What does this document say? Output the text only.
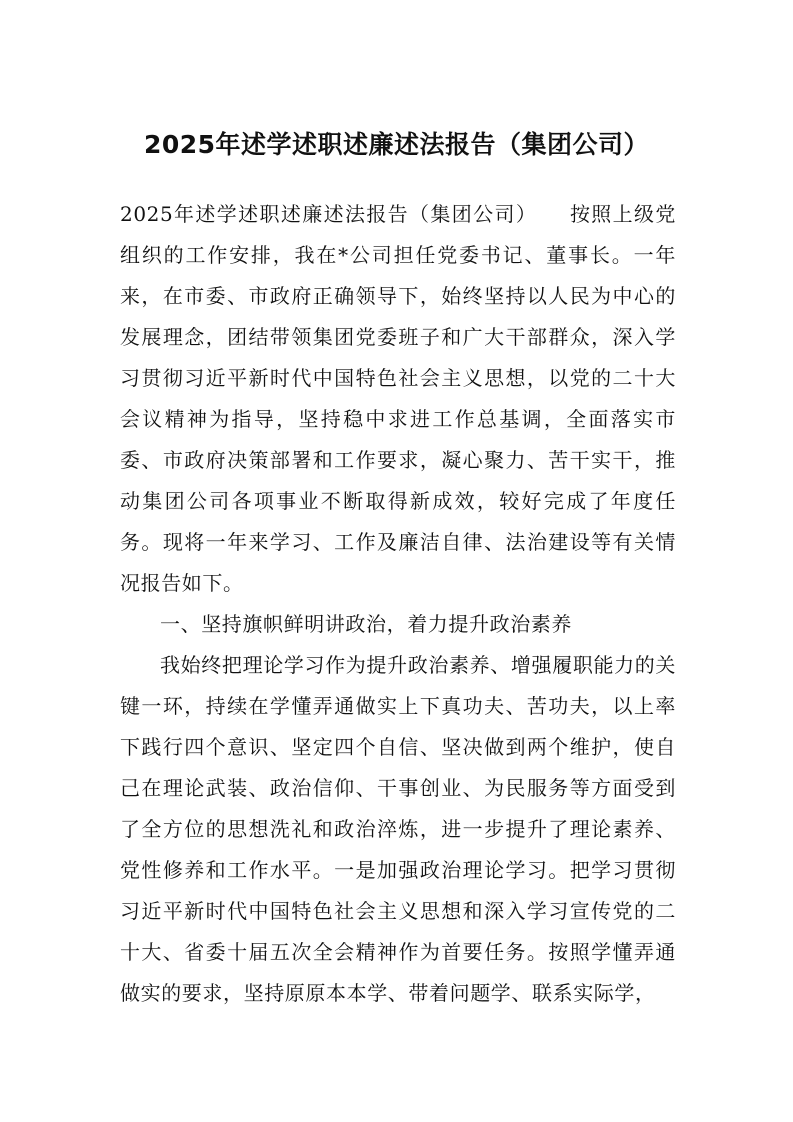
2025年述学述职述廉述法报告（集团公司）

2025年述学述职述廉述法报告（集团公司）　　按照上级党组织的工作安排，我在*公司担任党委书记、董事长。一年来，在市委、市政府正确领导下，始终坚持以人民为中心的发展理念，团结带领集团党委班子和广大干部群众，深入学习贯彻习近平新时代中国特色社会主义思想，以党的二十大会议精神为指导，坚持稳中求进工作总基调，全面落实市委、市政府决策部署和工作要求，凝心聚力、苦干实干，推动集团公司各项事业不断取得新成效，较好完成了年度任务。现将一年来学习、工作及廉洁自律、法治建设等有关情况报告如下。

一、坚持旗帜鲜明讲政治，着力提升政治素养

我始终把理论学习作为提升政治素养、增强履职能力的关键一环，持续在学懂弄通做实上下真功夫、苦功夫，以上率下践行四个意识、坚定四个自信、坚决做到两个维护，使自己在理论武装、政治信仰、干事创业、为民服务等方面受到了全方位的思想洗礼和政治淬炼，进一步提升了理论素养、党性修养和工作水平。一是加强政治理论学习。把学习贯彻习近平新时代中国特色社会主义思想和深入学习宣传党的二十大、省委十届五次全会精神作为首要任务。按照学懂弄通做实的要求，坚持原原本本学、带着问题学、联系实际学，
